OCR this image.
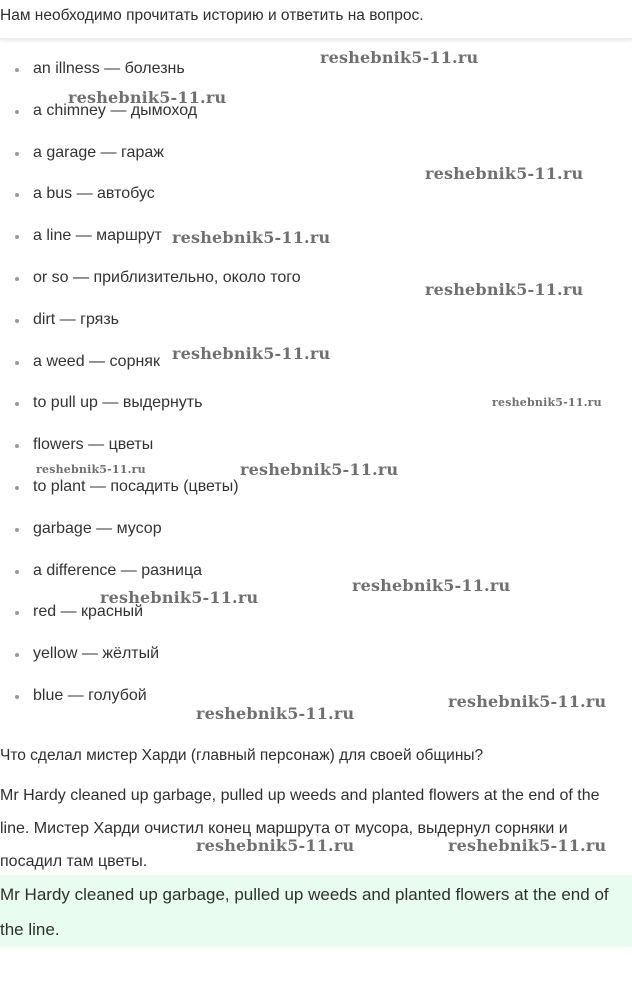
Нам необходимо прочитать историю и ответить на вопрос.
an illness — болезнь
a chimney — дымоход
a garage — гараж
a bus — автобус
a line — маршрут
or so — приблизительно, около того
dirt — грязь
a weed — сорняк
to pull up — выдернуть
flowers — цветы
to plant — посадить (цветы)
garbage — мусор
a difference — разница
red — красный
yellow — жёлтый
blue — голубой
Что сделал мистер Харди (главный персонаж) для своей общины?
Mr Hardy cleaned up garbage, pulled up weeds and planted flowers at the end of the line. Мистер Харди очистил конец маршрута от мусора, выдернул сорняки и посадил там цветы.
Mr Hardy cleaned up garbage, pulled up weeds and planted flowers at the end of the line.
reshebnik5-11.ru
reshebnik5-11.ru
reshebnik5-11.ru
reshebnik5-11.ru
reshebnik5-11.ru
reshebnik5-11.ru
reshebnik5-11.ru
reshebnik5-11.ru	reshebnik5-11.ru
reshebnik5-11.ru
reshebnik5-11.ru
reshebnik5-11.ru
reshebnik5-11.ru
reshebnik5-11.ru	reshebnik5-11.ru
